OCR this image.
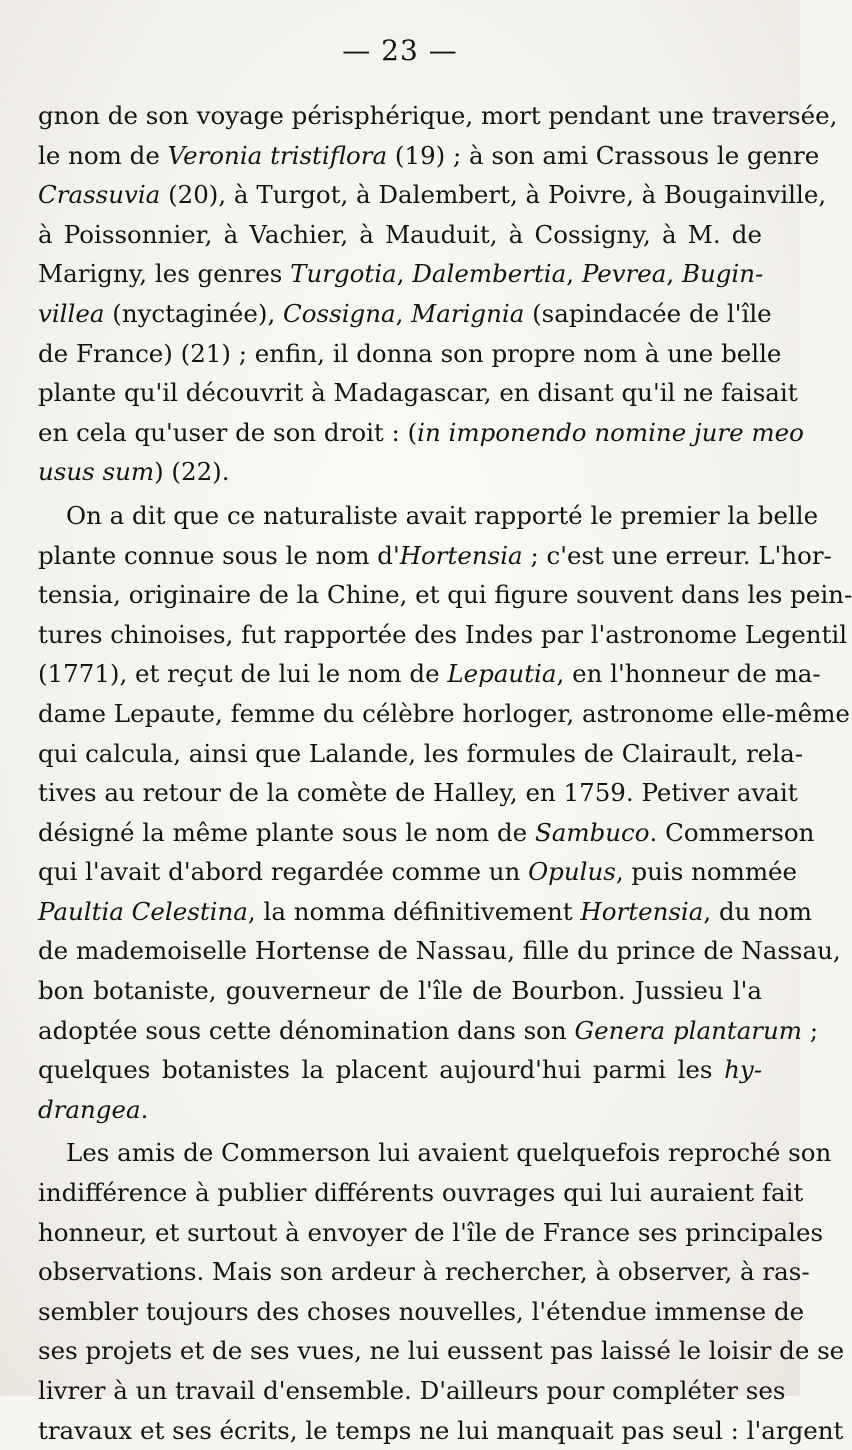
— 23 —
gnon de son voyage périsphérique, mort pendant une traversée,
le nom de Veronia tristiflora (19) ; à son ami Crassous le genre
Crassuvia (20), à Turgot, à Dalembert, à Poivre, à Bougainville,
à Poissonnier, à Vachier, à Mauduit, à Cossigny, à M. de
Marigny, les genres Turgotia, Dalembertia, Pevrea, Bugin-
villea (nyctaginée), Cossigna, Marignia (sapindacée de l'île
de France) (21) ; enfin, il donna son propre nom à une belle
plante qu'il découvrit à Madagascar, en disant qu'il ne faisait
en cela qu'user de son droit : (in imponendo nomine jure meo
usus sum) (22).
On a dit que ce naturaliste avait rapporté le premier la belle
plante connue sous le nom d'Hortensia ; c'est une erreur. L'hor-
tensia, originaire de la Chine, et qui figure souvent dans les pein-
tures chinoises, fut rapportée des Indes par l'astronome Legentil
(1771), et reçut de lui le nom de Lepautia, en l'honneur de ma-
dame Lepaute, femme du célèbre horloger, astronome elle-même
qui calcula, ainsi que Lalande, les formules de Clairault, rela-
tives au retour de la comète de Halley, en 1759. Petiver avait
désigné la même plante sous le nom de Sambuco. Commerson
qui l'avait d'abord regardée comme un Opulus, puis nommée
Paultia Celestina, la nomma définitivement Hortensia, du nom
de mademoiselle Hortense de Nassau, fille du prince de Nassau,
bon botaniste, gouverneur de l'île de Bourbon. Jussieu l'a
adoptée sous cette dénomination dans son Genera plantarum ;
quelques botanistes la placent aujourd'hui parmi les hy-
drangea.
Les amis de Commerson lui avaient quelquefois reproché son
indifférence à publier différents ouvrages qui lui auraient fait
honneur, et surtout à envoyer de l'île de France ses principales
observations. Mais son ardeur à rechercher, à observer, à ras-
sembler toujours des choses nouvelles, l'étendue immense de
ses projets et de ses vues, ne lui eussent pas laissé le loisir de se
livrer à un travail d'ensemble. D'ailleurs pour compléter ses
travaux et ses écrits, le temps ne lui manquait pas seul : l'argent
